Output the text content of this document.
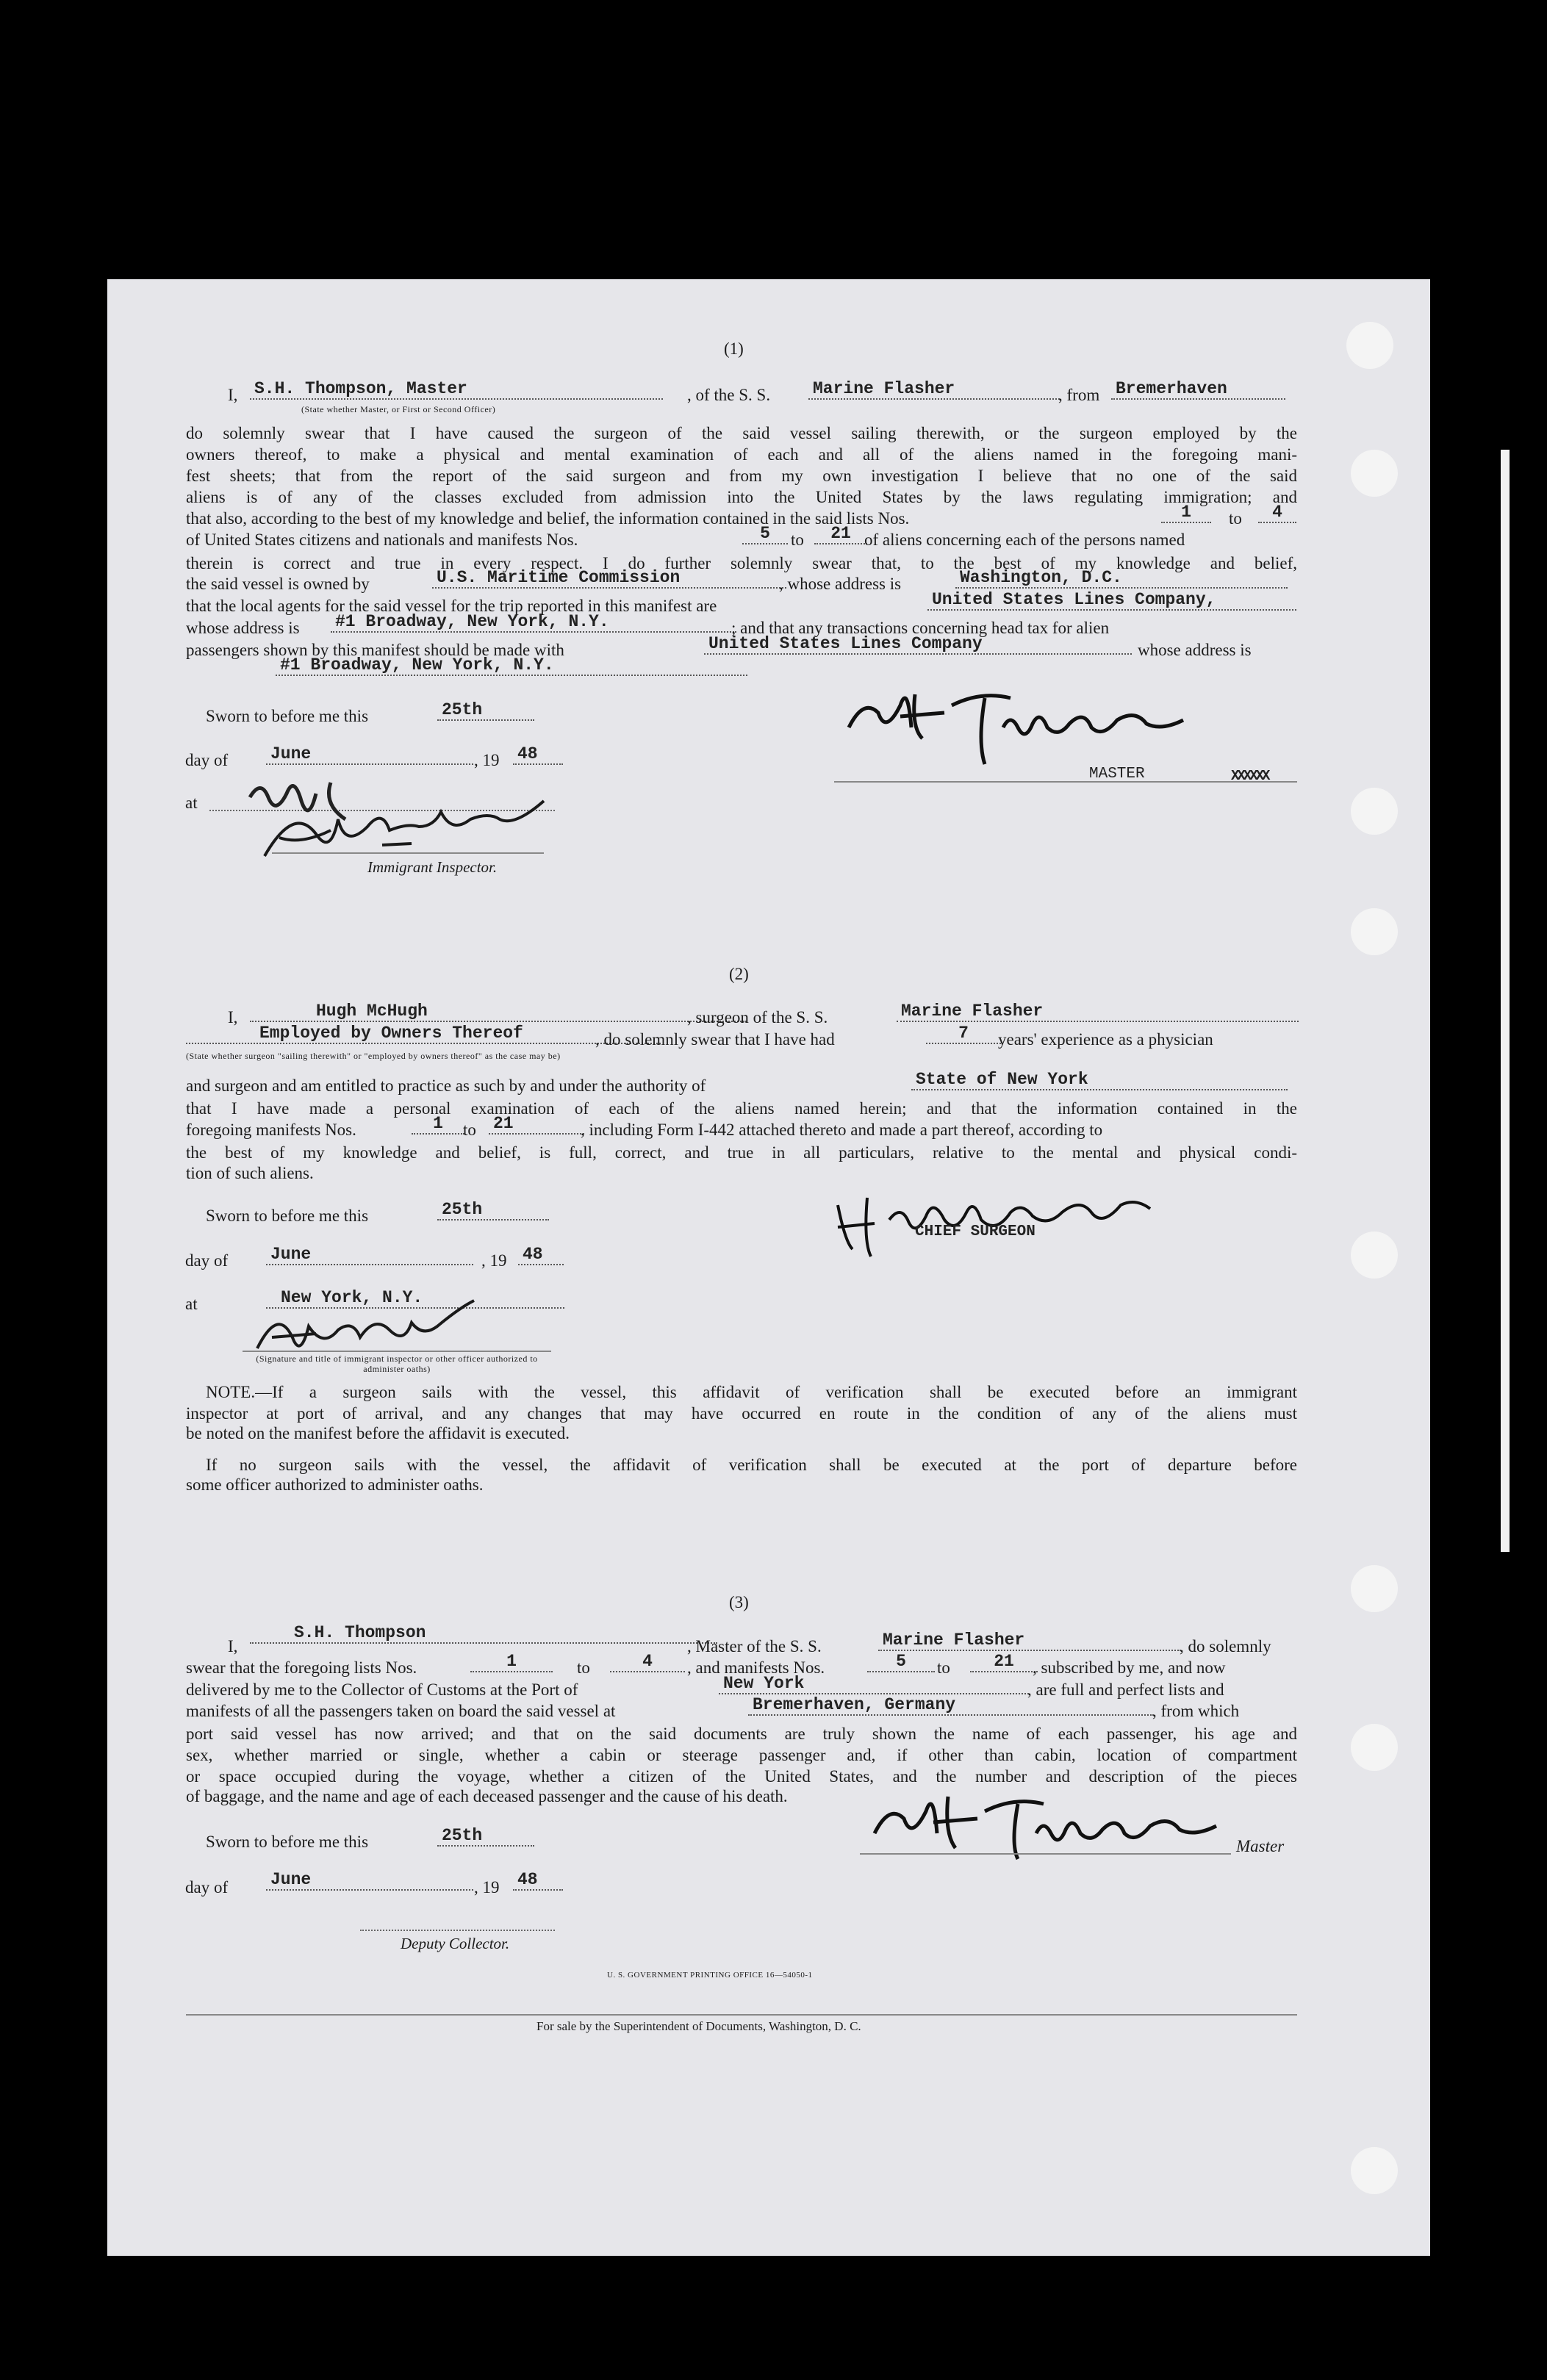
(1)
I, S.H. Thompson, Master
(State whether Master, or First or Second Officer)
, of the S. S.	Marine Flasher	, from Bremerhaven
do solemnly swear that I have caused the surgeon of the said vessel sailing therewith, or the surgeon employed by the
owners thereof, to make a physical and mental examination of each and all of the aliens named in the foregoing mani-
fest sheets; that from the report of the said surgeon and from my own investigation I believe that no one of the said
aliens is of any of the classes excluded from admission into the United States by the laws regulating immigration; and
that also, according to the best of my knowledge and belief, the information contained in the said lists Nos.	1	to	4
of United States citizens and nationals and manifests Nos.	5	to	21 of aliens concerning each of the persons named
therein is correct and true in every respect. I do further solemnly swear that, to the best of my knowledge and belief,
the said vessel is owned by	U.S. Maritime Commission	, whose address is	Washington, D.C.
that the local agents for the said vessel for the trip reported in this manifest are	United States Lines Company,
whose address is #1 Broadway, New York, N.Y.	; and that any transactions concerning head tax for alien
passengers shown by this manifest should be made with	United States Lines Company	whose address is
#1 Broadway, New York, N.Y.
Sworn to before me this	25th
day of	June	, 19 48
at
Immigrant Inspector.
MASTER	XXXXXX
(2)
I,	Hugh McHugh	, surgeon of the S. S.	Marine Flasher
Employed by Owners Thereof	, do solemnly swear that I have had	7	years' experience as a physician
(State whether surgeon "sailing therewith" or "employed by owners thereof" as the case may be)
and surgeon and am entitled to practice as such by and under the authority of	State of New York
that I have made a personal examination of each of the aliens named herein; and that the information contained in the
foregoing manifests Nos.	1	to 21	, including Form I-442 attached thereto and made a part thereof, according to
the best of my knowledge and belief, is full, correct, and true in all particulars, relative to the mental and physical condi-
tion of such aliens.
Sworn to before me this	25th
day of	June	, 19 48
at	New York, N.Y.
(Signature and title of immigrant inspector or other officer authorized to administer oaths)
CHIEF SURGEON
NOTE.—If a surgeon sails with the vessel, this affidavit of verification shall be executed before an immigrant
inspector at port of arrival, and any changes that may have occurred en route in the condition of any of the aliens must
be noted on the manifest before the affidavit is executed.
If no surgeon sails with the vessel, the affidavit of verification shall be executed at the port of departure before
some officer authorized to administer oaths.
(3)
I,
S.H. Thompson
, Master of the S. S.	Marine Flasher	, do solemnly
swear that the foregoing lists Nos.	1	to	4	, and manifests Nos.	5	to	21	, subscribed by me, and now
delivered by me to the Collector of Customs at the Port of	New York	, are full and perfect lists and
manifests of all the passengers taken on board the said vessel at	Bremerhaven, Germany	, from which
port said vessel has now arrived; and that on the said documents are truly shown the name of each passenger, his age and
sex, whether married or single, whether a cabin or steerage passenger and, if other than cabin, location of compartment
or space occupied during the voyage, whether a citizen of the United States, and the number and description of the pieces
of baggage, and the name and age of each deceased passenger and the cause of his death.
Sworn to before me this	25th
Master
day of	June	, 19 48
Deputy Collector.
U. S. GOVERNMENT PRINTING OFFICE 16—54050-1
For sale by the Superintendent of Documents, Washington, D. C.
